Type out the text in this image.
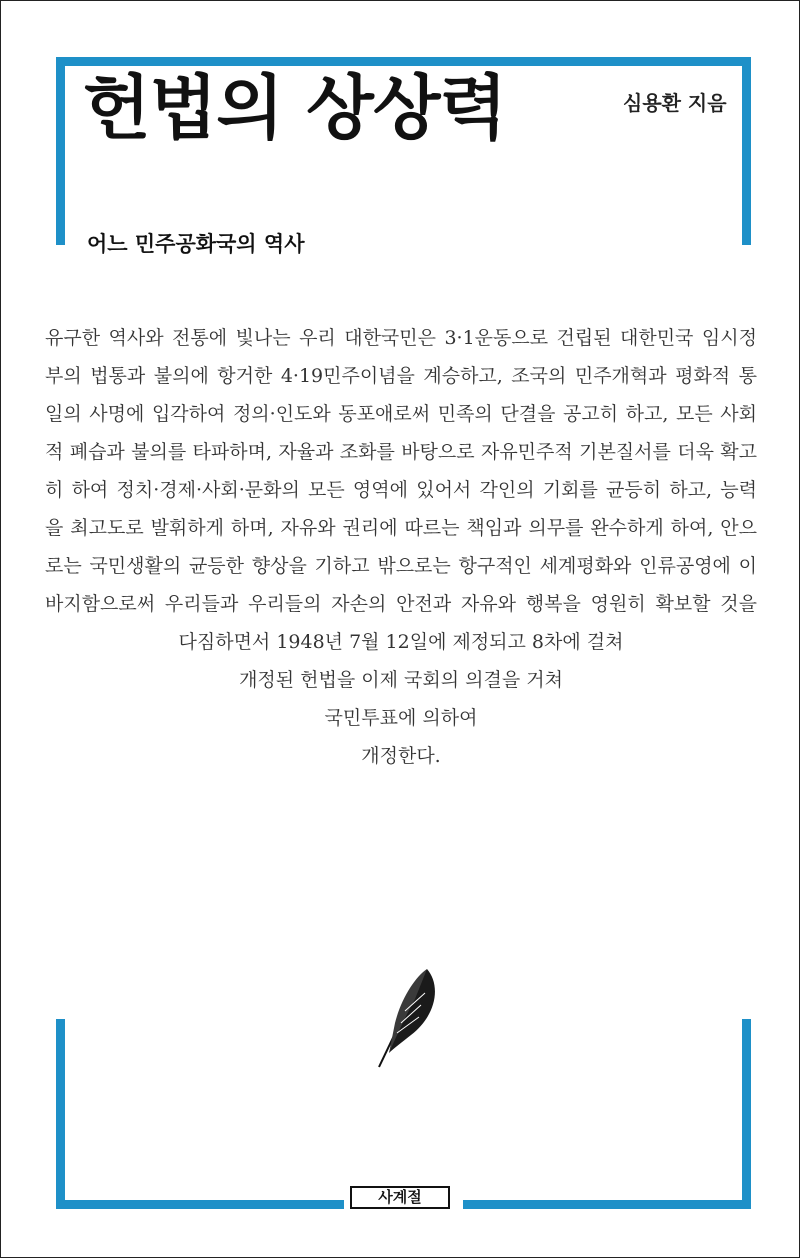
헌법의 상상력	심용환 지음
어느 민주공화국의 역사
유구한 역사와 전통에 빛나는 우리 대한국민은 3·1운동으로 건립된 대한민국 임시정
부의 법통과 불의에 항거한 4·19민주이념을 계승하고, 조국의 민주개혁과 평화적 통
일의 사명에 입각하여 정의·인도와 동포애로써 민족의 단결을 공고히 하고, 모든 사회
적 폐습과 불의를 타파하며, 자율과 조화를 바탕으로 자유민주적 기본질서를 더욱 확고
히 하여 정치·경제·사회·문화의 모든 영역에 있어서 각인의 기회를 균등히 하고, 능력
을 최고도로 발휘하게 하며, 자유와 권리에 따르는 책임과 의무를 완수하게 하여, 안으
로는 국민생활의 균등한 향상을 기하고 밖으로는 항구적인 세계평화와 인류공영에 이
바지함으로써 우리들과 우리들의 자손의 안전과 자유와 행복을 영원히 확보할 것을
다짐하면서 1948년 7월 12일에 제정되고 8차에 걸쳐
개정된 헌법을 이제 국회의 의결을 거쳐
국민투표에 의하여
개정한다.
사계절
